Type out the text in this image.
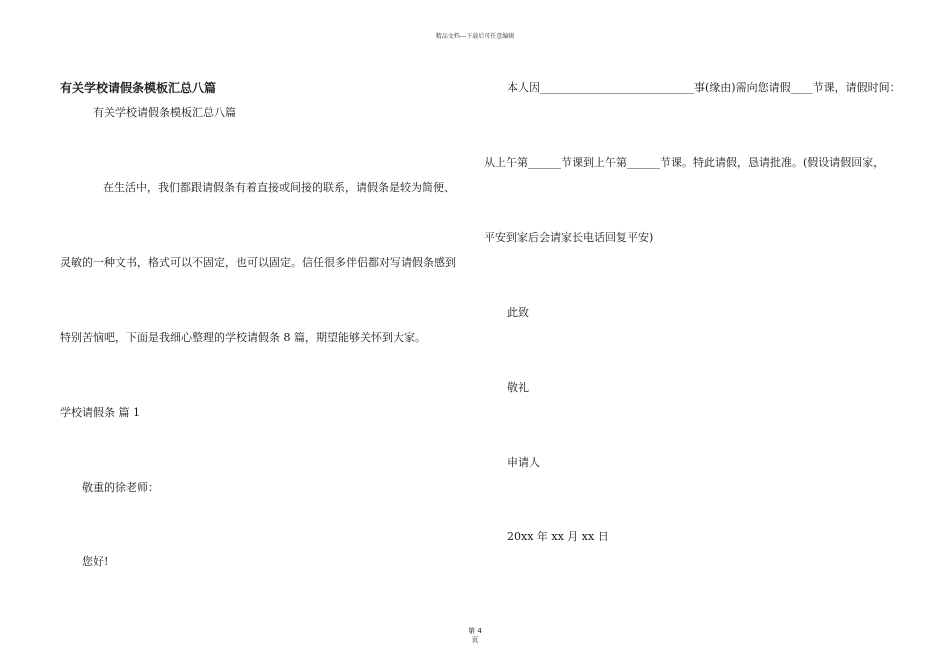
精品文档---下载后可任意编辑
有关学校请假条模板汇总八篇
有关学校请假条模板汇总八篇
在生活中，我们都跟请假条有着直接或间接的联系，请假条是较为简便、
灵敏的一种文书，格式可以不固定，也可以固定。信任很多伴侣都对写请假条感到
特别苦恼吧，下面是我细心整理的学校请假条 8 篇，期望能够关怀到大家。
学校请假条 篇 1
敬重的徐老师：
您好!
本人因____________________________事(缘由)需向您请假____节课，请假时间：
从上午第______节课到上午第______节课。特此请假，恳请批准。(假设请假回家，
平安到家后会请家长电话回复平安)
此致
敬礼
申请人
20xx 年 xx 月 xx 日
第 4
页
